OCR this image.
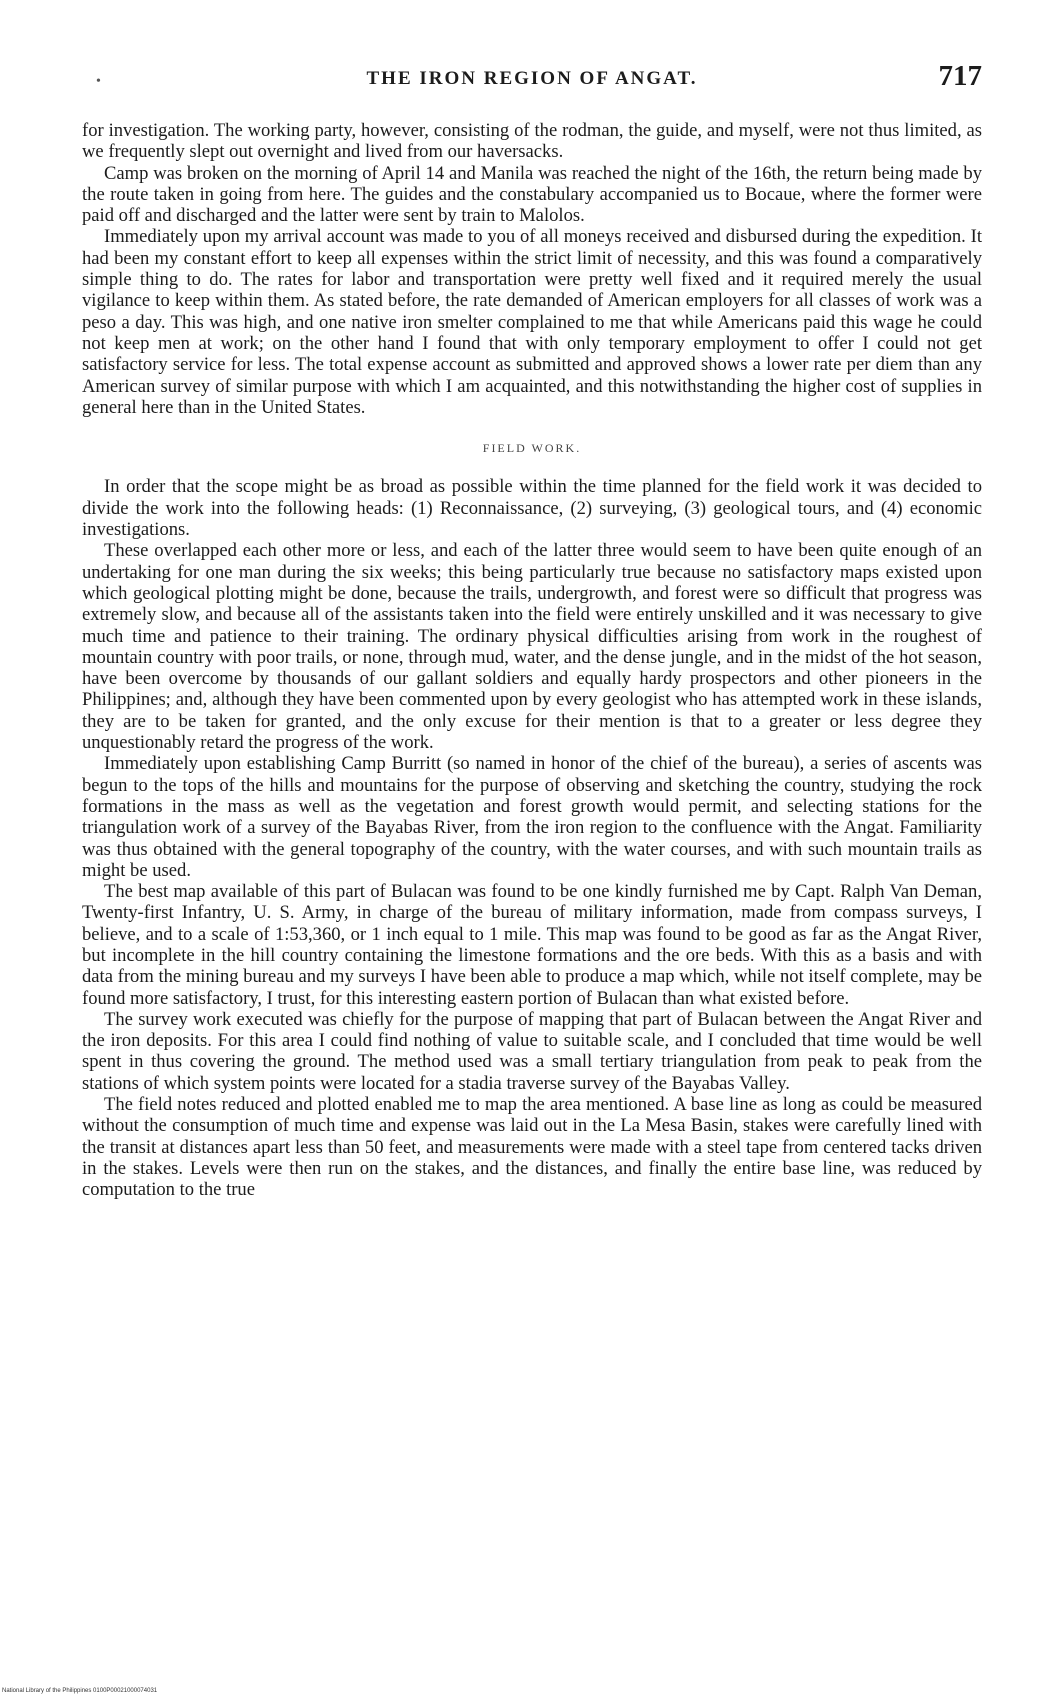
•	THE IRON REGION OF ANGAT.	717

for investigation. The working party, however, consisting of the rodman, the guide, and myself, were not thus limited, as we frequently slept out overnight and lived from our haversacks.

Camp was broken on the morning of April 14 and Manila was reached the night of the 16th, the return being made by the route taken in going from here. The guides and the constabulary accompanied us to Bocaue, where the former were paid off and discharged and the latter were sent by train to Malolos.

Immediately upon my arrival account was made to you of all moneys received and disbursed during the expedition. It had been my constant effort to keep all expenses within the strict limit of necessity, and this was found a comparatively simple thing to do. The rates for labor and transportation were pretty well fixed and it required merely the usual vigilance to keep within them. As stated before, the rate demanded of American employers for all classes of work was a peso a day. This was high, and one native iron smelter complained to me that while Americans paid this wage he could not keep men at work; on the other hand I found that with only temporary employment to offer I could not get satisfactory service for less. The total expense account as submitted and approved shows a lower rate per diem than any American survey of similar purpose with which I am acquainted, and this notwithstanding the higher cost of supplies in general here than in the United States.

FIELD WORK.

In order that the scope might be as broad as possible within the time planned for the field work it was decided to divide the work into the following heads: (1) Reconnaissance, (2) surveying, (3) geological tours, and (4) economic investigations.

These overlapped each other more or less, and each of the latter three would seem to have been quite enough of an undertaking for one man during the six weeks; this being particularly true because no satisfactory maps existed upon which geological plotting might be done, because the trails, undergrowth, and forest were so difficult that progress was extremely slow, and because all of the assistants taken into the field were entirely unskilled and it was necessary to give much time and patience to their training. The ordinary physical difficulties arising from work in the roughest of mountain country with poor trails, or none, through mud, water, and the dense jungle, and in the midst of the hot season, have been overcome by thousands of our gallant soldiers and equally hardy prospectors and other pioneers in the Philippines; and, although they have been commented upon by every geologist who has attempted work in these islands, they are to be taken for granted, and the only excuse for their mention is that to a greater or less degree they unquestionably retard the progress of the work.

Immediately upon establishing Camp Burritt (so named in honor of the chief of the bureau), a series of ascents was begun to the tops of the hills and mountains for the purpose of observing and sketching the country, studying the rock formations in the mass as well as the vegetation and forest growth would permit, and selecting stations for the triangulation work of a survey of the Bayabas River, from the iron region to the confluence with the Angat. Familiarity was thus obtained with the general topography of the country, with the water courses, and with such mountain trails as might be used.

The best map available of this part of Bulacan was found to be one kindly furnished me by Capt. Ralph Van Deman, Twenty-first Infantry, U. S. Army, in charge of the bureau of military information, made from compass surveys, I believe, and to a scale of 1:53,360, or 1 inch equal to 1 mile. This map was found to be good as far as the Angat River, but incomplete in the hill country containing the limestone formations and the ore beds. With this as a basis and with data from the mining bureau and my surveys I have been able to produce a map which, while not itself complete, may be found more satisfactory, I trust, for this interesting eastern portion of Bulacan than what existed before.

The survey work executed was chiefly for the purpose of mapping that part of Bulacan between the Angat River and the iron deposits. For this area I could find nothing of value to suitable scale, and I concluded that time would be well spent in thus covering the ground. The method used was a small tertiary triangulation from peak to peak from the stations of which system points were located for a stadia traverse survey of the Bayabas Valley.

The field notes reduced and plotted enabled me to map the area mentioned. A base line as long as could be measured without the consumption of much time and expense was laid out in the La Mesa Basin, stakes were carefully lined with the transit at distances apart less than 50 feet, and measurements were made with a steel tape from centered tacks driven in the stakes. Levels were then run on the stakes, and the distances, and finally the entire base line, was reduced by computation to the true

National Library of the Philippines 0100P00021000074031
